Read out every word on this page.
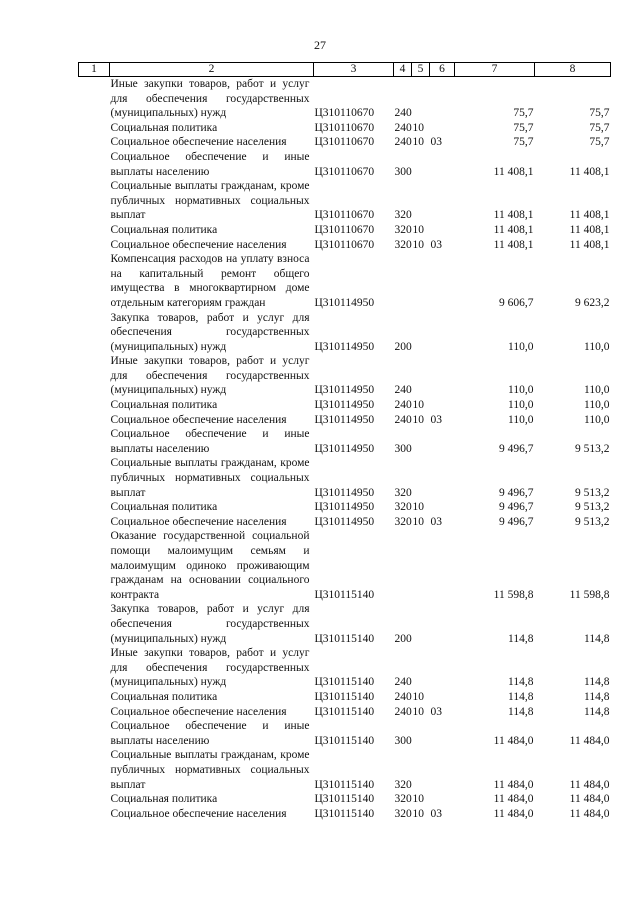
27
1	2	3	4	5	6	7	8
	Иные закупки товаров, работ и услуг для обеспечения государственных (муниципальных) нужд	Ц310110670	240			75,7	75,7
	Социальная политика	Ц310110670	240	10		75,7	75,7
	Социальное обеспечение населения	Ц310110670	240	10	03	75,7	75,7
	Социальное обеспечение и иные выплаты населению	Ц310110670	300			11 408,1	11 408,1
	Социальные выплаты гражданам, кроме публичных нормативных социальных выплат	Ц310110670	320			11 408,1	11 408,1
	Социальная политика	Ц310110670	320	10		11 408,1	11 408,1
	Социальное обеспечение населения	Ц310110670	320	10	03	11 408,1	11 408,1
	Компенсация расходов на уплату взноса на капитальный ремонт общего имущества в многоквартирном доме отдельным категориям граждан	Ц310114950				9 606,7	9 623,2
	Закупка товаров, работ и услуг для обеспечения государственных (муниципальных) нужд	Ц310114950	200			110,0	110,0
	Иные закупки товаров, работ и услуг для обеспечения государственных (муниципальных) нужд	Ц310114950	240			110,0	110,0
	Социальная политика	Ц310114950	240	10		110,0	110,0
	Социальное обеспечение населения	Ц310114950	240	10	03	110,0	110,0
	Социальное обеспечение и иные выплаты населению	Ц310114950	300			9 496,7	9 513,2
	Социальные выплаты гражданам, кроме публичных нормативных социальных выплат	Ц310114950	320			9 496,7	9 513,2
	Социальная политика	Ц310114950	320	10		9 496,7	9 513,2
	Социальное обеспечение населения	Ц310114950	320	10	03	9 496,7	9 513,2
	Оказание государственной социальной помощи малоимущим семьям и малоимущим одиноко проживающим гражданам на основании социального контракта	Ц310115140				11 598,8	11 598,8
	Закупка товаров, работ и услуг для обеспечения государственных (муниципальных) нужд	Ц310115140	200			114,8	114,8
	Иные закупки товаров, работ и услуг для обеспечения государственных (муниципальных) нужд	Ц310115140	240			114,8	114,8
	Социальная политика	Ц310115140	240	10		114,8	114,8
	Социальное обеспечение населения	Ц310115140	240	10	03	114,8	114,8
	Социальное обеспечение и иные выплаты населению	Ц310115140	300			11 484,0	11 484,0
	Социальные выплаты гражданам, кроме публичных нормативных социальных выплат	Ц310115140	320			11 484,0	11 484,0
	Социальная политика	Ц310115140	320	10		11 484,0	11 484,0
	Социальное обеспечение населения	Ц310115140	320	10	03	11 484,0	11 484,0
